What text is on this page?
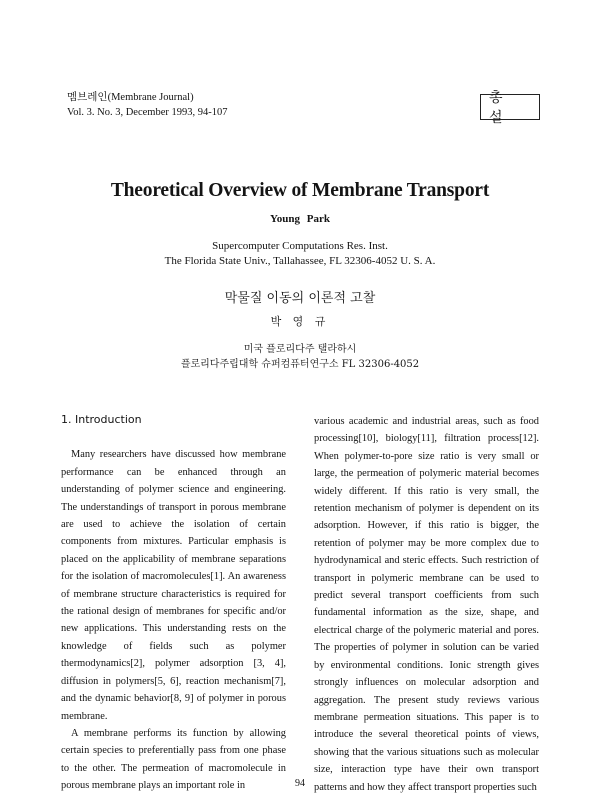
멤브레인(Membrane Journal)
Vol. 3. No. 3, December 1993, 94-107
총 설
Theoretical Overview of Membrane Transport
Young Park
Supercomputer Computations Res. Inst.
The Florida State Univ., Tallahassee, FL 32306-4052 U. S. A.
막물질 이동의 이론적 고찰
박 영 규
미국 플로리다주 탤라하시
플로리다주립대학 슈퍼컴퓨터연구소 FL 32306-4052
1. Introduction

Many researchers have discussed how membrane performance can be enhanced through an understanding of polymer science and engineering. The understandings of transport in porous membrane are used to achieve the isolation of certain components from mixtures. Particular emphasis is placed on the applicability of membrane separations for the isolation of macromolecules[1]. An awareness of membrane structure characteristics is required for the rational design of membranes for specific and/or new applications. This understanding rests on the knowledge of fields such as polymer thermodynamics[2], polymer adsorption [3, 4], diffusion in polymers[5, 6], reaction mechanism[7], and the dynamic behavior[8, 9] of polymer in porous membrane.

A membrane performs its function by allowing certain species to preferentially pass from one phase to the other. The permeation of macromolecule in porous membrane plays an important role in

various academic and industrial areas, such as food processing[10], biology[11], filtration process[12]. When polymer-to-pore size ratio is very small or large, the permeation of polymeric material becomes widely different. If this ratio is very small, the retention mechanism of polymer is dependent on its adsorption. However, if this ratio is bigger, the retention of polymer may be more complex due to hydrodynamical and steric effects. Such restriction of transport in polymeric membrane can be used to predict several transport coefficients from such fundamental information as the size, shape, and electrical charge of the polymeric material and pores. The properties of polymer in solution can be varied by environmental conditions. Ionic strength gives strongly influences on molecular adsorption and aggregation. The present study reviews various membrane permeation situations. This paper is to introduce the several theoretical points of views, showing that the various situations such as molecular size, interaction type have their own transport patterns and how they affect transport properties such

94
